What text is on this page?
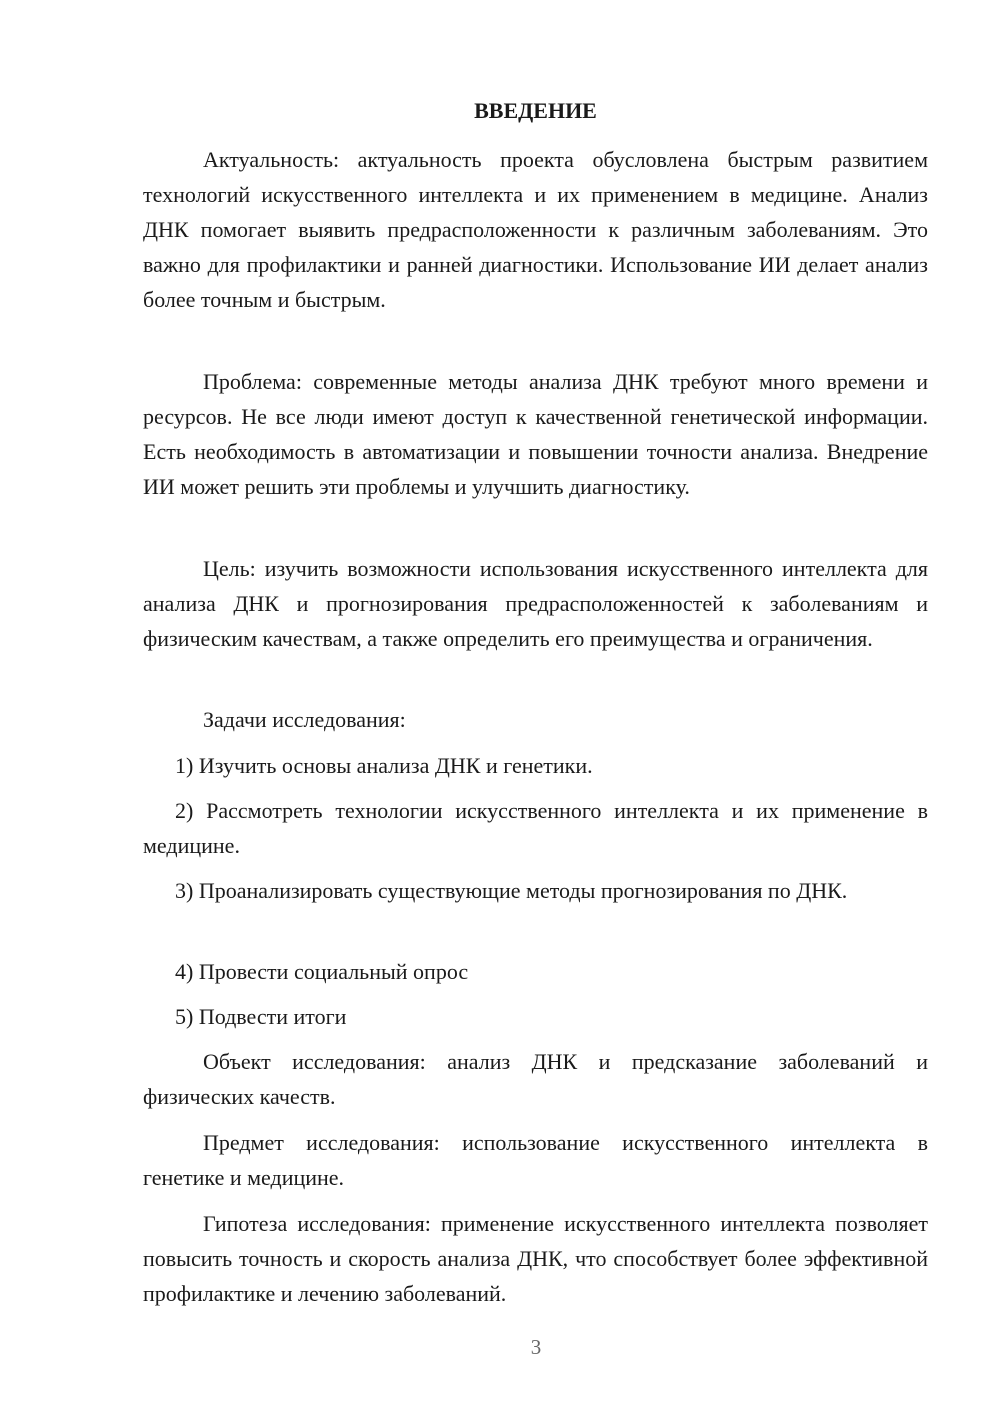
ВВЕДЕНИЕ

Актуальность: актуальность проекта обусловлена быстрым развитием технологий искусственного интеллекта и их применением в медицине. Анализ ДНК помогает выявить предрасположенности к различным заболеваниям. Это важно для профилактики и ранней диагностики. Использование ИИ делает анализ более точным и быстрым.

Проблема: современные методы анализа ДНК требуют много времени и ресурсов. Не все люди имеют доступ к качественной генетической информации. Есть необходимость в автоматизации и повышении точности анализа. Внедрение ИИ может решить эти проблемы и улучшить диагностику.

Цель: изучить возможности использования искусственного интеллекта для анализа ДНК и прогнозирования предрасположенностей к заболеваниям и физическим качествам, а также определить его преимущества и ограничения.

Задачи исследования:

1) Изучить основы анализа ДНК и генетики.

2) Рассмотреть технологии искусственного интеллекта и их применение в медицине.

3) Проанализировать существующие методы прогнозирования по ДНК.

4) Провести социальный опрос

5) Подвести итоги

Объект исследования: анализ ДНК и предсказание заболеваний и физических качеств.

Предмет исследования: использование искусственного интеллекта в генетике и медицине.

Гипотеза исследования: применение искусственного интеллекта позволяет повысить точность и скорость анализа ДНК, что способствует более эффективной профилактике и лечению заболеваний.

3
